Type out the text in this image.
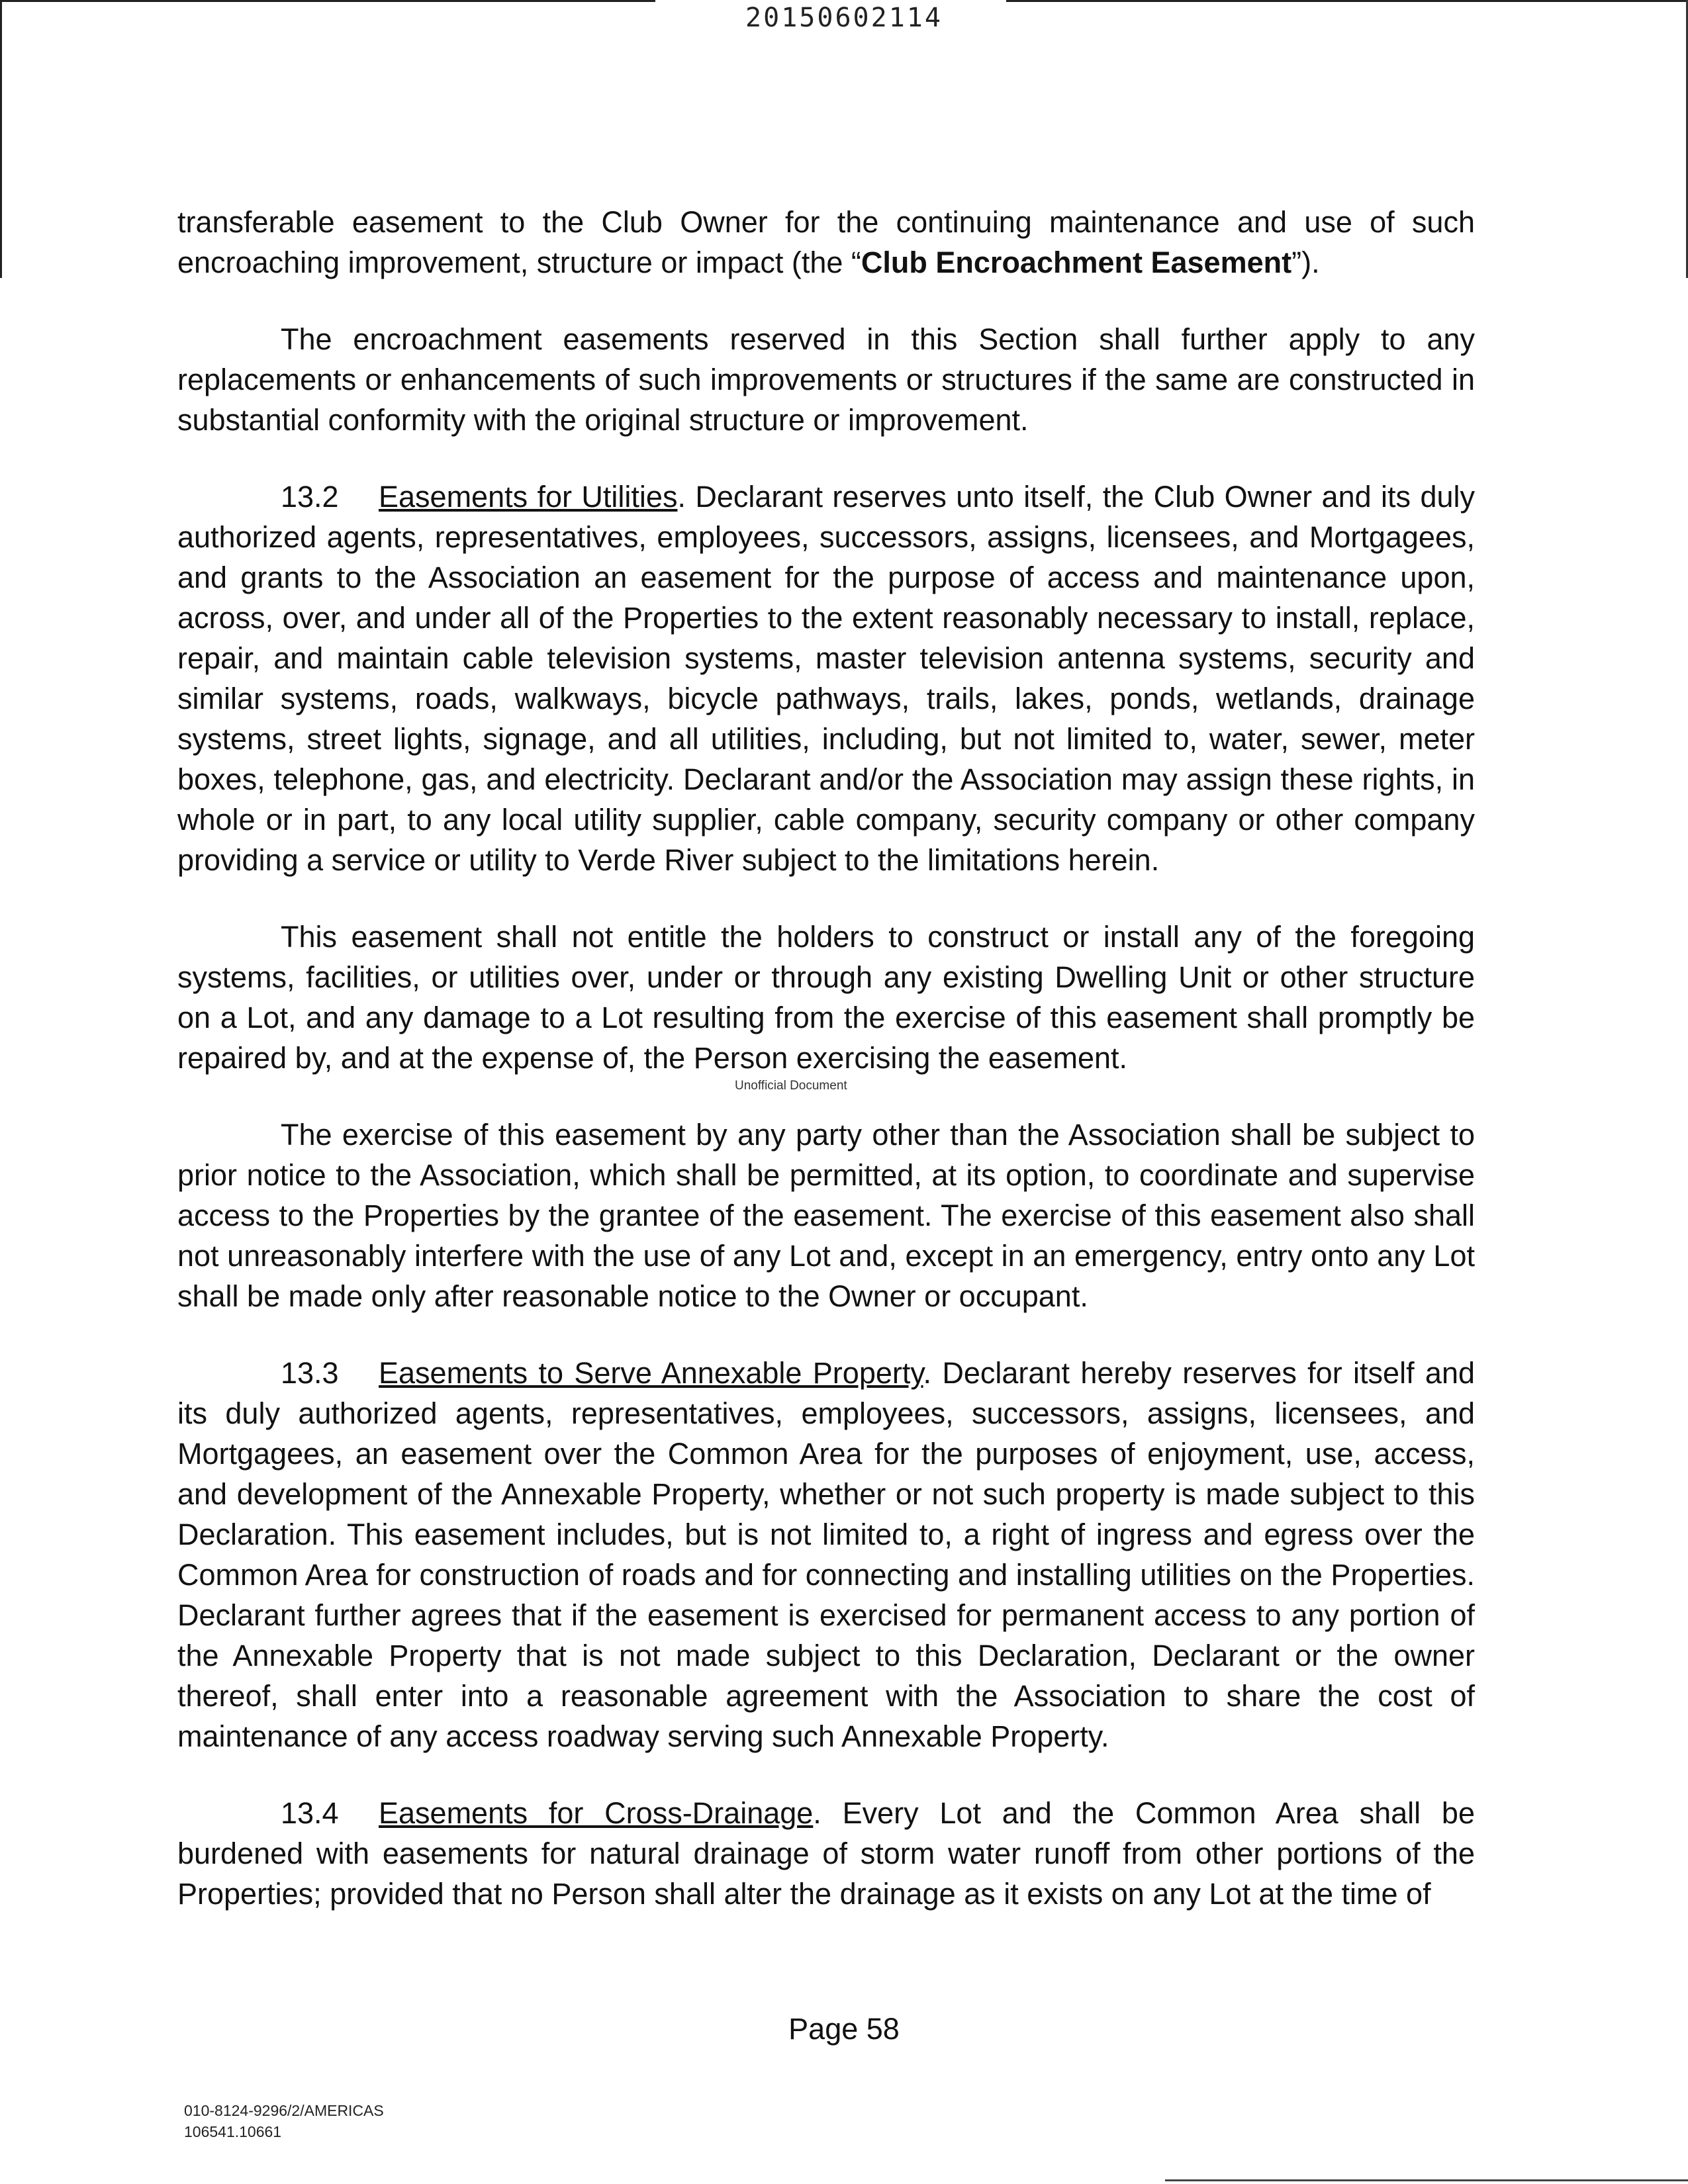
20150602114

transferable easement to the Club Owner for the continuing maintenance and use of such encroaching improvement, structure or impact (the “Club Encroachment Easement”).

The encroachment easements reserved in this Section shall further apply to any replacements or enhancements of such improvements or structures if the same are constructed in substantial conformity with the original structure or improvement.

13.2 Easements for Utilities. Declarant reserves unto itself, the Club Owner and its duly authorized agents, representatives, employees, successors, assigns, licensees, and Mortgagees, and grants to the Association an easement for the purpose of access and maintenance upon, across, over, and under all of the Properties to the extent reasonably necessary to install, replace, repair, and maintain cable television systems, master television antenna systems, security and similar systems, roads, walkways, bicycle pathways, trails, lakes, ponds, wetlands, drainage systems, street lights, signage, and all utilities, including, but not limited to, water, sewer, meter boxes, telephone, gas, and electricity. Declarant and/or the Association may assign these rights, in whole or in part, to any local utility supplier, cable company, security company or other company providing a service or utility to Verde River subject to the limitations herein.

This easement shall not entitle the holders to construct or install any of the foregoing systems, facilities, or utilities over, under or through any existing Dwelling Unit or other structure on a Lot, and any damage to a Lot resulting from the exercise of this easement shall promptly be repaired by, and at the expense of, the Person exercising the easement.

The exercise of this easement by any party other than the Association shall be subject to prior notice to the Association, which shall be permitted, at its option, to coordinate and supervise access to the Properties by the grantee of the easement. The exercise of this easement also shall not unreasonably interfere with the use of any Lot and, except in an emergency, entry onto any Lot shall be made only after reasonable notice to the Owner or occupant.

13.3 Easements to Serve Annexable Property. Declarant hereby reserves for itself and its duly authorized agents, representatives, employees, successors, assigns, licensees, and Mortgagees, an easement over the Common Area for the purposes of enjoyment, use, access, and development of the Annexable Property, whether or not such property is made subject to this Declaration. This easement includes, but is not limited to, a right of ingress and egress over the Common Area for construction of roads and for connecting and installing utilities on the Properties. Declarant further agrees that if the easement is exercised for permanent access to any portion of the Annexable Property that is not made subject to this Declaration, Declarant or the owner thereof, shall enter into a reasonable agreement with the Association to share the cost of maintenance of any access roadway serving such Annexable Property.

13.4 Easements for Cross-Drainage. Every Lot and the Common Area shall be burdened with easements for natural drainage of storm water runoff from other portions of the Properties; provided that no Person shall alter the drainage as it exists on any Lot at the time of

Unofficial Document
Page 58
010-8124-9296/2/AMERICAS
106541.10661
